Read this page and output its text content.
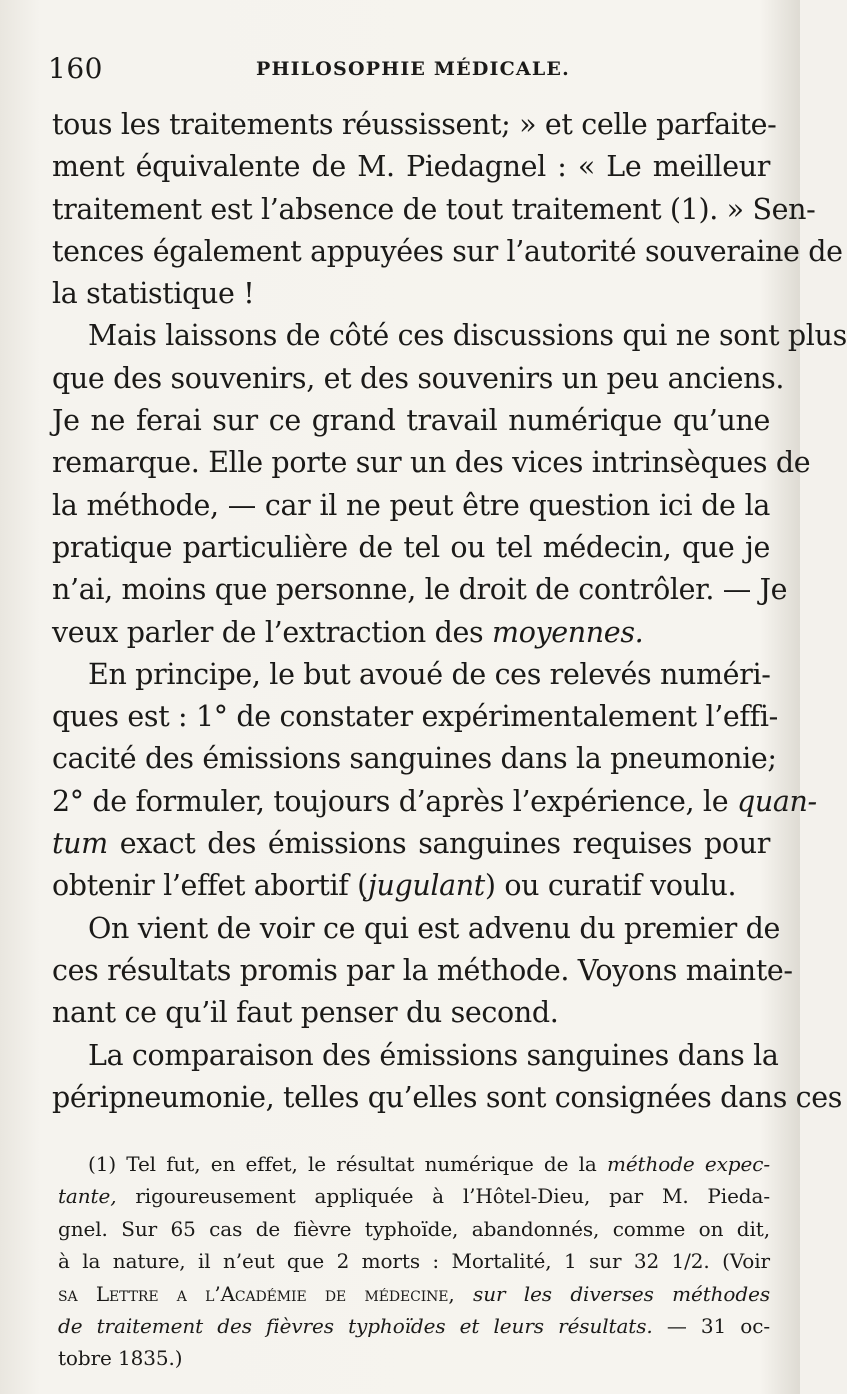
160	PHILOSOPHIE MÉDICALE.
tous les traitements réussissent; » et celle parfaite-
ment équivalente de M. Piedagnel : « Le meilleur
traitement est l’absence de tout traitement (1). » Sen-
tences également appuyées sur l’autorité souveraine de
la statistique !
Mais laissons de côté ces discussions qui ne sont plus
que des souvenirs, et des souvenirs un peu anciens.
Je ne ferai sur ce grand travail numérique qu’une
remarque. Elle porte sur un des vices intrinsèques de
la méthode, — car il ne peut être question ici de la
pratique particulière de tel ou tel médecin, que je
n’ai, moins que personne, le droit de contrôler. — Je
veux parler de l’extraction des moyennes.
En principe, le but avoué de ces relevés numéri-
ques est : 1° de constater expérimentalement l’effi-
cacité des émissions sanguines dans la pneumonie;
2° de formuler, toujours d’après l’expérience, le quan-
tum exact des émissions sanguines requises pour
obtenir l’effet abortif (jugulant) ou curatif voulu.
On vient de voir ce qui est advenu du premier de
ces résultats promis par la méthode. Voyons mainte-
nant ce qu’il faut penser du second.
La comparaison des émissions sanguines dans la
péripneumonie, telles qu’elles sont consignées dans ces
(1) Tel fut, en effet, le résultat numérique de la méthode expec-
tante, rigoureusement appliquée à l’Hôtel-Dieu, par M. Pieda-
gnel. Sur 65 cas de fièvre typhoïde, abandonnés, comme on dit,
à la nature, il n’eut que 2 morts : Mortalité, 1 sur 32 1/2. (Voir
sa Lettre a l’Académie de médecine, sur les diverses méthodes
de traitement des fièvres typhoïdes et leurs résultats. — 31 oc-
tobre 1835.)
